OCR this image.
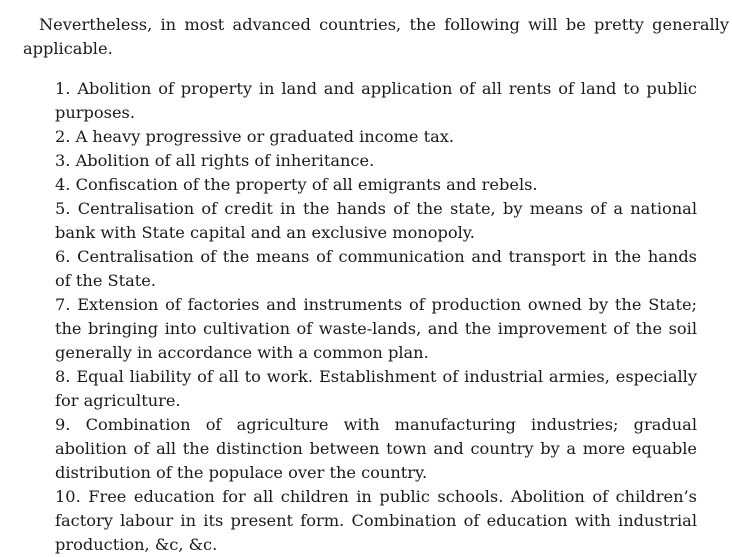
Nevertheless, in most advanced countries, the following will be pretty generally applicable.

1. Abolition of property in land and application of all rents of land to public purposes.
2. A heavy progressive or graduated income tax.
3. Abolition of all rights of inheritance.
4. Confiscation of the property of all emigrants and rebels.
5. Centralisation of credit in the hands of the state, by means of a national bank with State capital and an exclusive monopoly.
6. Centralisation of the means of communication and transport in the hands of the State.
7. Extension of factories and instruments of production owned by the State; the bringing into cultivation of waste-lands, and the improvement of the soil generally in accordance with a common plan.
8. Equal liability of all to work. Establishment of industrial armies, especially for agriculture.
9. Combination of agriculture with manufacturing industries; gradual abolition of all the distinction between town and country by a more equable distribution of the populace over the country.
10. Free education for all children in public schools. Abolition of children’s factory labour in its present form. Combination of education with industrial production, &c, &c.
